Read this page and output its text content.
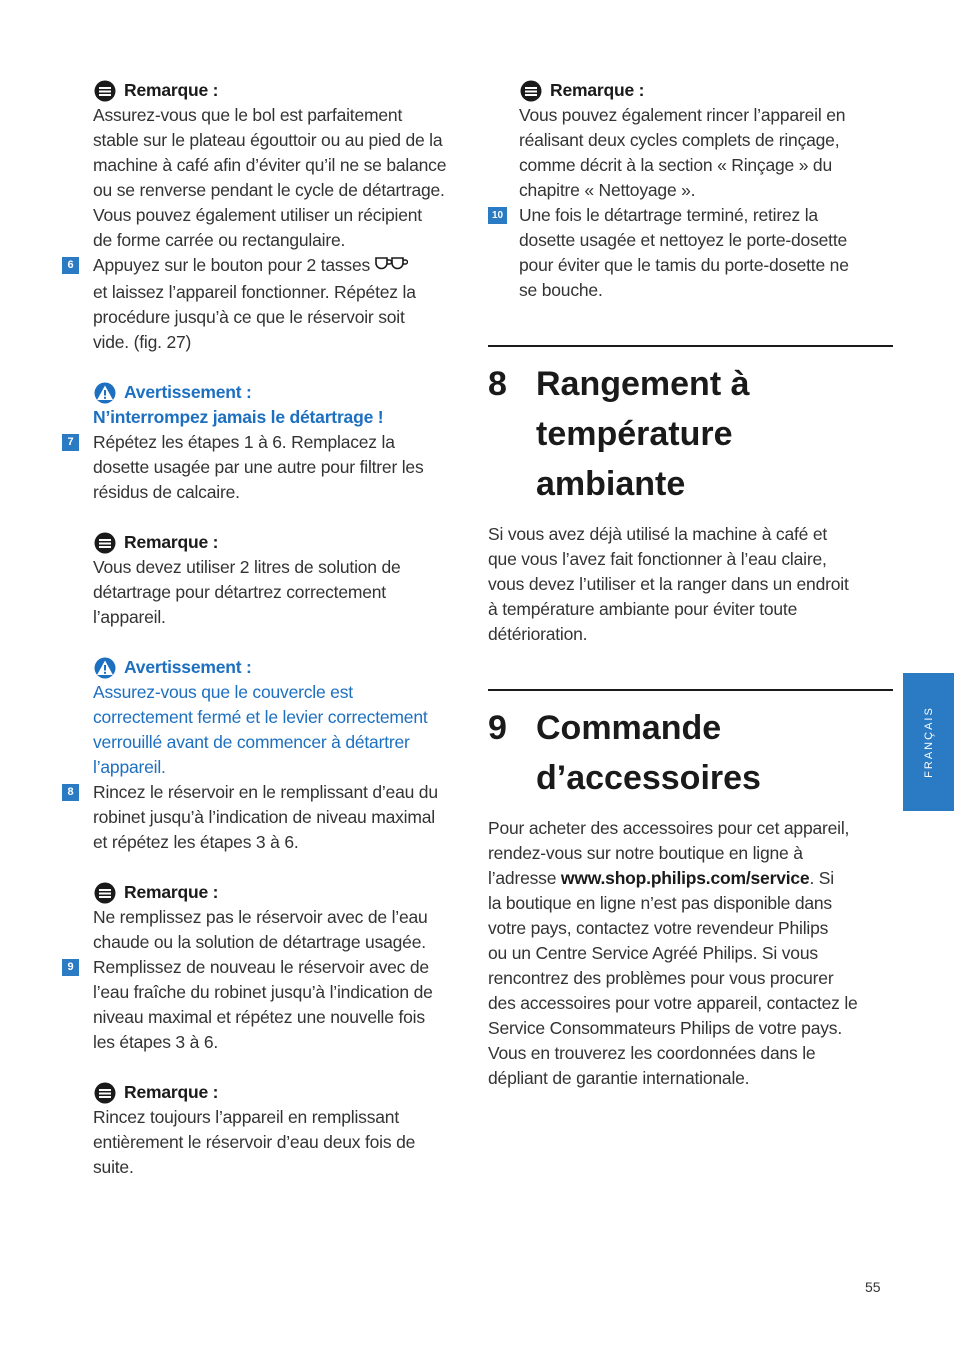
Remarque :

Assurez-vous que le bol est parfaitement

stable sur le plateau égouttoir ou au pied de la

machine à café afin d’éviter qu’il ne se balance

ou se renverse pendant le cycle de détartrage.

Vous pouvez également utiliser un récipient

de forme carrée ou rectangulaire.

6	Appuyez sur le bouton pour 2 tasses

et laissez l’appareil fonctionner. Répétez la

procédure jusqu’à ce que le réservoir soit

vide. (fig. 27)

Avertissement :

N’interrompez jamais le détartrage !

7	Répétez les étapes 1 à 6. Remplacez la

dosette usagée par une autre pour filtrer les

résidus de calcaire.

Remarque :

Vous devez utiliser 2 litres de solution de

détartrage pour détartrez correctement

l’appareil.

Avertissement :

Assurez-vous que le couvercle est

correctement fermé et le levier correctement

verrouillé avant de commencer à détartrer

l’appareil.

8	Rincez le réservoir en le remplissant d’eau du

robinet jusqu’à l’indication de niveau maximal

et répétez les étapes 3 à 6.

Remarque :

Ne remplissez pas le réservoir avec de l’eau

chaude ou la solution de détartrage usagée.

9	Remplissez de nouveau le réservoir avec de

l’eau fraîche du robinet jusqu’à l’indication de

niveau maximal et répétez une nouvelle fois

les étapes 3 à 6.

Remarque :

Rincez toujours l’appareil en remplissant

entièrement le réservoir d’eau deux fois de

suite.

Remarque :

Vous pouvez également rincer l’appareil en

réalisant deux cycles complets de rinçage,

comme décrit à la section « Rinçage » du

chapitre « Nettoyage ».

10 Une fois le détartrage terminé, retirez la

dosette usagée et nettoyez le porte-dosette

pour éviter que le tamis du porte-dosette ne

se bouche.

8 Rangement à
température
ambiante

Si vous avez déjà utilisé la machine à café et

que vous l’avez fait fonctionner à l’eau claire,

vous devez l’utiliser et la ranger dans un endroit

à température ambiante pour éviter toute

détérioration.

9 Commande
d’accessoires

Pour acheter des accessoires pour cet appareil,

rendez-vous sur notre boutique en ligne à

l’adresse www.shop.philips.com/service. Si

la boutique en ligne n’est pas disponible dans

votre pays, contactez votre revendeur Philips

ou un Centre Service Agréé Philips. Si vous

rencontrez des problèmes pour vous procurer

des accessoires pour votre appareil, contactez le

Service Consommateurs Philips de votre pays.

Vous en trouverez les coordonnées dans le

dépliant de garantie internationale.

FRANÇAIS
55
